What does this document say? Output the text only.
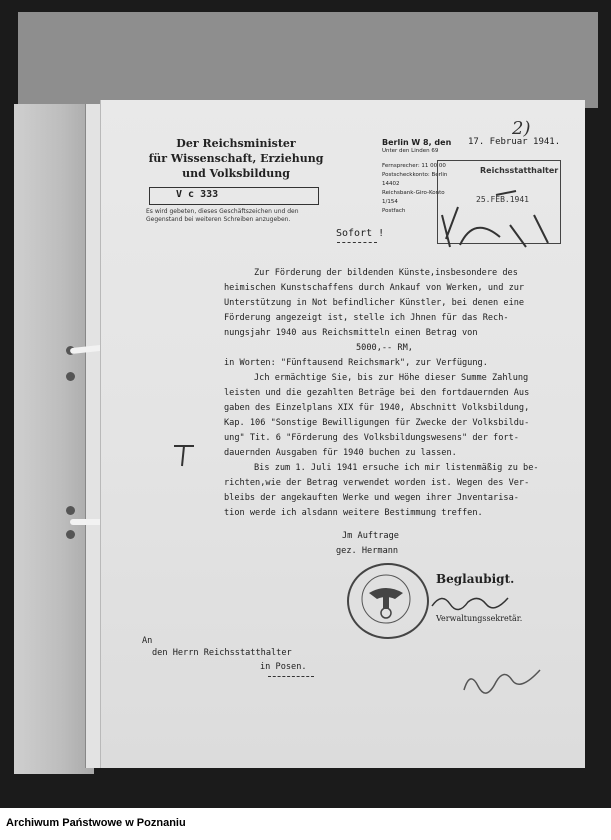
Der Reichsminister
für Wissenschaft, Erziehung
und Volksbildung
V c 333
Es wird gebeten, dieses Geschäftszeichen und den
Gegenstand bei weiteren Schreiben anzugeben.
Berlin W 8, den
Unter den Linden 69
Fernsprecher: 11 00 00
Postscheckkonto: Berlin 14402
Reichsbank-Giro-Konto 1/154
Postfach
17. Februar 1941.
2)
Reichsstatthalter
25.FEB.1941
Sofort !
Zur Förderung der bildenden Künste,insbesondere des
heimischen Kunstschaffens durch Ankauf von Werken, und zur
Unterstützung in Not befindlicher Künstler, bei denen eine
Förderung angezeigt ist, stelle ich Jhnen für das Rech-
nungsjahr 1940 aus Reichsmitteln einen Betrag von
5000,-- RM,
in Worten: "Fünftausend Reichsmark", zur Verfügung.
Jch ermächtige Sie, bis zur Höhe dieser Summe Zahlung
leisten und die gezahlten Beträge bei den fortdauernden Aus
gaben des Einzelplans XIX für 1940, Abschnitt Volksbildung,
Kap. 106 "Sonstige Bewilligungen für Zwecke der Volksbildu-
ung" Tit. 6 "Förderung des Volksbildungswesens" der fort-
dauernden Ausgaben für 1940 buchen zu lassen.
Bis zum 1. Juli 1941 ersuche ich mir listenmäßig zu be-
richten,wie der Betrag verwendet worden ist. Wegen des Ver-
bleibs der angekauften Werke und wegen ihrer Jnventarisa-
tion werde ich alsdann weitere Bestimmung treffen.
Jm Auftrage
gez. Hermann
Beglaubigt.
Verwaltungssekretär.
An
den Herrn Reichsstatthalter
in Posen.
Archiwum Państwowe w Poznaniu
